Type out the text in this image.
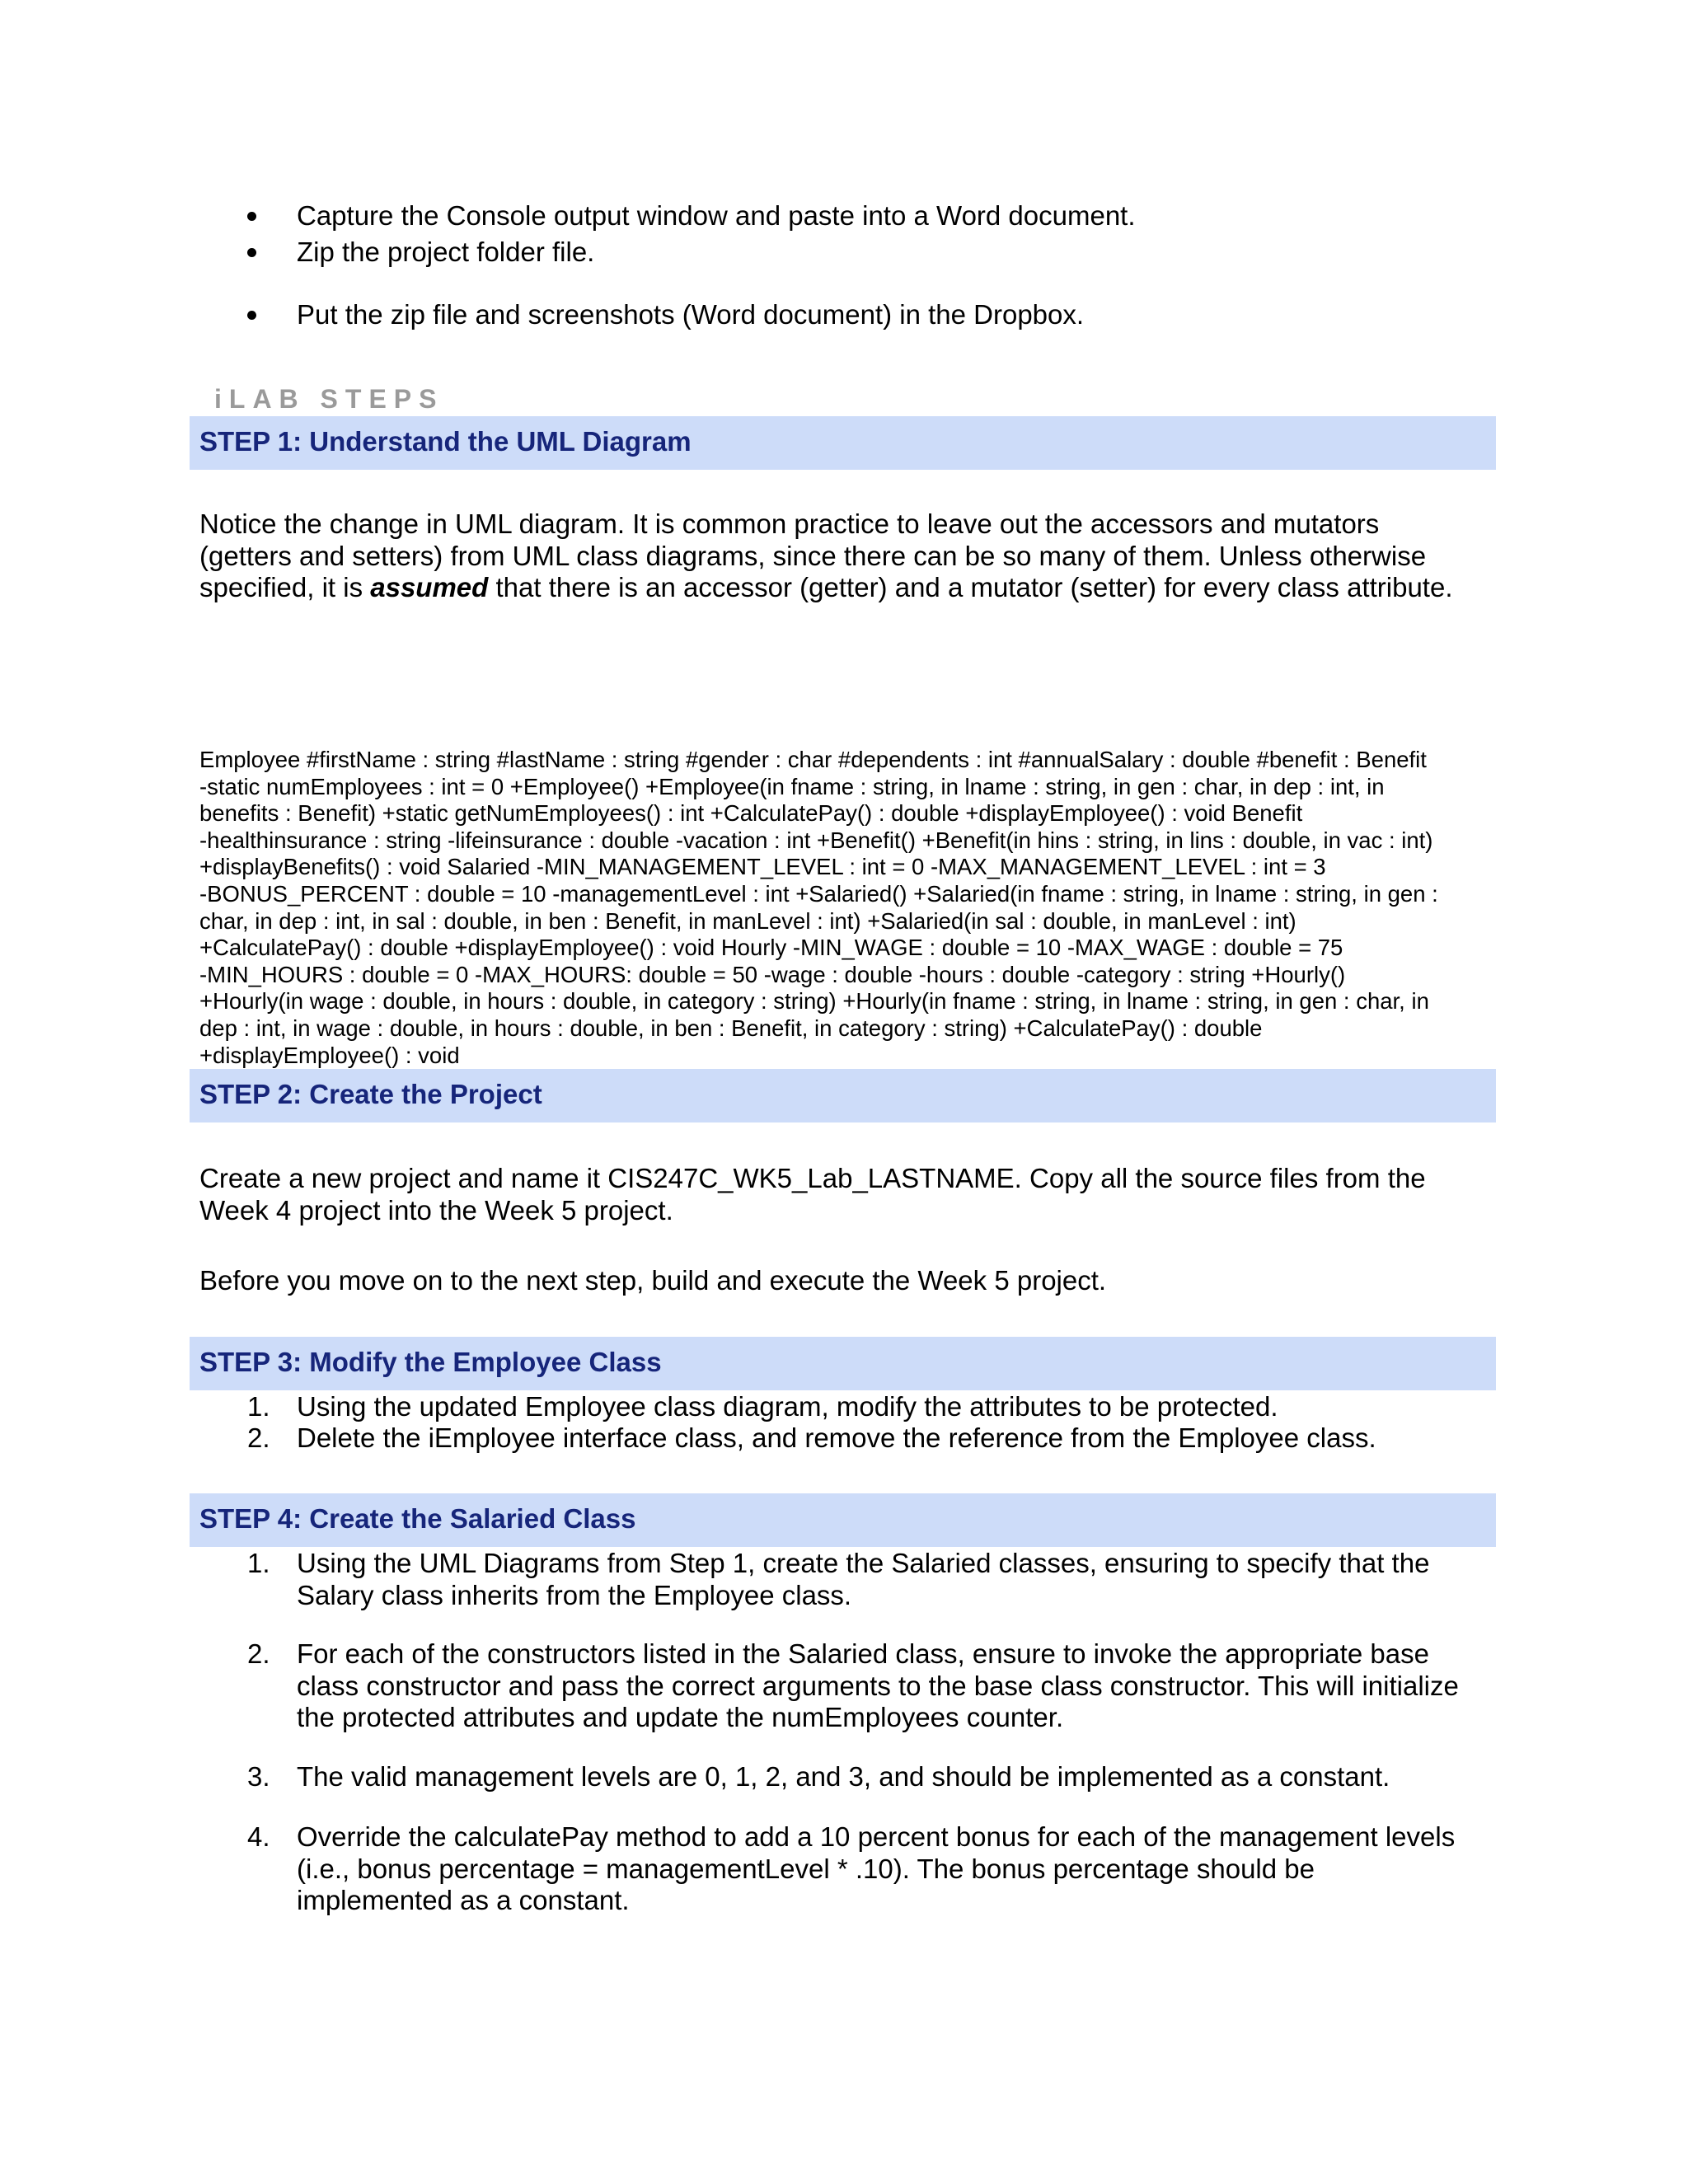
Capture the Console output window and paste into a Word document.
Zip the project folder file.
Put the zip file and screenshots (Word document) in the Dropbox.
iLAB STEPS
STEP 1: Understand the UML Diagram
Notice the change in UML diagram. It is common practice to leave out the accessors and mutators
(getters and setters) from UML class diagrams, since there can be so many of them. Unless otherwise
specified, it is assumed that there is an accessor (getter) and a mutator (setter) for every class attribute.
Employee #firstName : string #lastName : string #gender : char #dependents : int #annualSalary : double #benefit : Benefit
-static numEmployees : int = 0 +Employee() +Employee(in fname : string, in lname : string, in gen : char, in dep : int, in
benefits : Benefit) +static getNumEmployees() : int +CalculatePay() : double +displayEmployee() : void Benefit
-healthinsurance : string -lifeinsurance : double -vacation : int +Benefit() +Benefit(in hins : string, in lins : double, in vac : int)
+displayBenefits() : void Salaried -MIN_MANAGEMENT_LEVEL : int = 0 -MAX_MANAGEMENT_LEVEL : int = 3
-BONUS_PERCENT : double = 10 -managementLevel : int +Salaried() +Salaried(in fname : string, in lname : string, in gen :
char, in dep : int, in sal : double, in ben : Benefit, in manLevel : int) +Salaried(in sal : double, in manLevel : int)
+CalculatePay() : double +displayEmployee() : void Hourly -MIN_WAGE : double = 10 -MAX_WAGE : double = 75
-MIN_HOURS : double = 0 -MAX_HOURS: double = 50 -wage : double -hours : double -category : string +Hourly()
+Hourly(in wage : double, in hours : double, in category : string) +Hourly(in fname : string, in lname : string, in gen : char, in
dep : int, in wage : double, in hours : double, in ben : Benefit, in category : string) +CalculatePay() : double
+displayEmployee() : void
STEP 2: Create the Project
Create a new project and name it CIS247C_WK5_Lab_LASTNAME. Copy all the source files from the
Week 4 project into the Week 5 project.
Before you move on to the next step, build and execute the Week 5 project.
STEP 3: Modify the Employee Class
1. Using the updated Employee class diagram, modify the attributes to be protected.
2. Delete the iEmployee interface class, and remove the reference from the Employee class.
STEP 4: Create the Salaried Class
1. Using the UML Diagrams from Step 1, create the Salaried classes, ensuring to specify that the
Salary class inherits from the Employee class.
2. For each of the constructors listed in the Salaried class, ensure to invoke the appropriate base
class constructor and pass the correct arguments to the base class constructor. This will initialize
the protected attributes and update the numEmployees counter.
3. The valid management levels are 0, 1, 2, and 3, and should be implemented as a constant.
4. Override the calculatePay method to add a 10 percent bonus for each of the management levels
(i.e., bonus percentage = managementLevel * .10). The bonus percentage should be
implemented as a constant.
